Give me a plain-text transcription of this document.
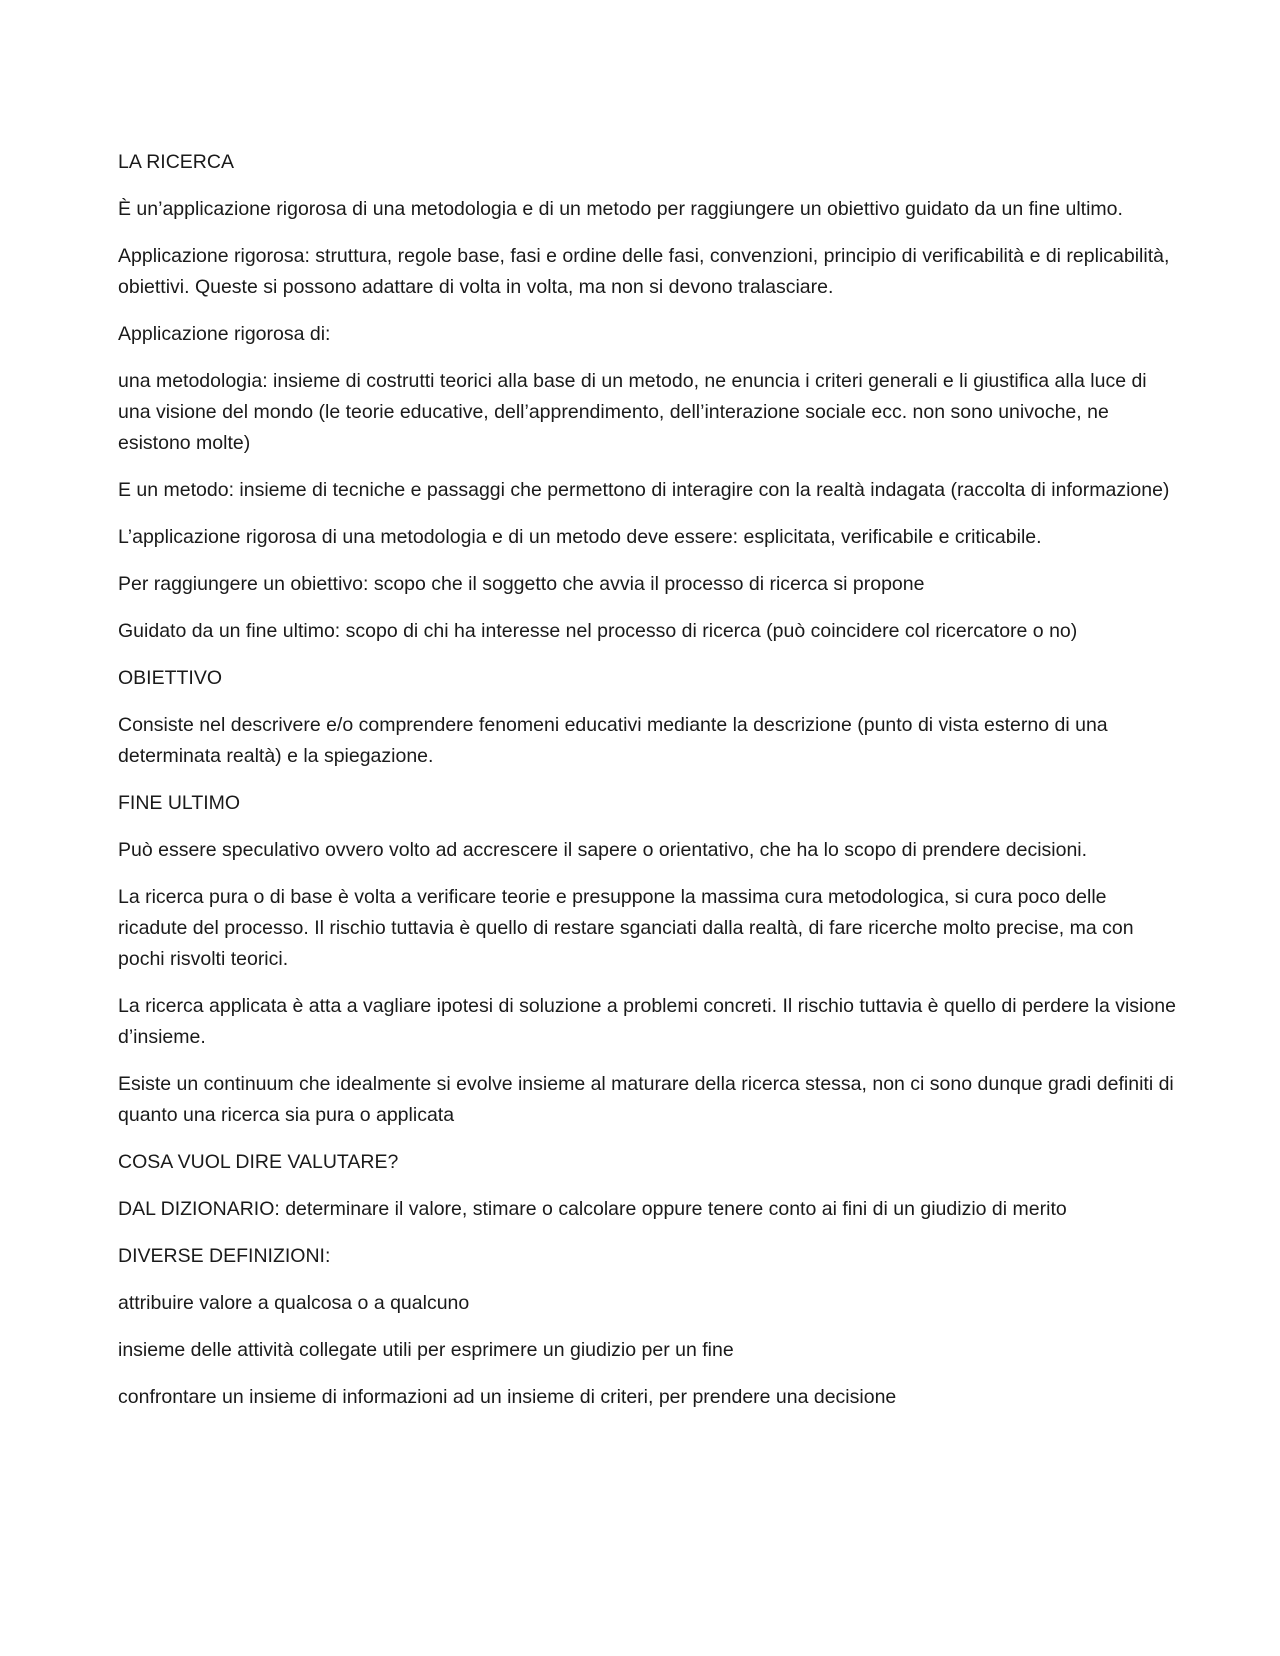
LA RICERCA

È un’applicazione rigorosa di una metodologia e di un metodo per raggiungere un obiettivo guidato da un fine ultimo.

Applicazione rigorosa: struttura, regole base, fasi e ordine delle fasi, convenzioni, principio di verificabilità e di replicabilità, obiettivi. Queste si possono adattare di volta in volta, ma non si devono tralasciare.

Applicazione rigorosa di:

una metodologia: insieme di costrutti teorici alla base di un metodo, ne enuncia i criteri generali e li giustifica alla luce di una visione del mondo (le teorie educative, dell’apprendimento, dell’interazione sociale ecc. non sono univoche, ne esistono molte)

E un metodo: insieme di tecniche e passaggi che permettono di interagire con la realtà indagata (raccolta di informazione)

L’applicazione rigorosa di una metodologia e di un metodo deve essere: esplicitata, verificabile e criticabile.

Per raggiungere un obiettivo: scopo che il soggetto che avvia il processo di ricerca si propone

Guidato da un fine ultimo: scopo di chi ha interesse nel processo di ricerca (può coincidere col ricercatore o no)

OBIETTIVO

Consiste nel descrivere e/o comprendere fenomeni educativi mediante la descrizione (punto di vista esterno di una determinata realtà) e la spiegazione.

FINE ULTIMO

Può essere speculativo ovvero volto ad accrescere il sapere o orientativo, che ha lo scopo di prendere decisioni.

La ricerca pura o di base è volta a verificare teorie e presuppone la massima cura metodologica, si cura poco delle ricadute del processo. Il rischio tuttavia è quello di restare sganciati dalla realtà, di fare ricerche molto precise, ma con pochi risvolti teorici.

La ricerca applicata è atta a vagliare ipotesi di soluzione a problemi concreti. Il rischio tuttavia è quello di perdere la visione d’insieme.

Esiste un continuum che idealmente si evolve insieme al maturare della ricerca stessa, non ci sono dunque gradi definiti di quanto una ricerca sia pura o applicata

COSA VUOL DIRE VALUTARE?

DAL DIZIONARIO: determinare il valore, stimare o calcolare oppure tenere conto ai fini di un giudizio di merito

DIVERSE DEFINIZIONI:

attribuire valore a qualcosa o a qualcuno

insieme delle attività collegate utili per esprimere un giudizio per un fine

confrontare un insieme di informazioni ad un insieme di criteri, per prendere una decisione
